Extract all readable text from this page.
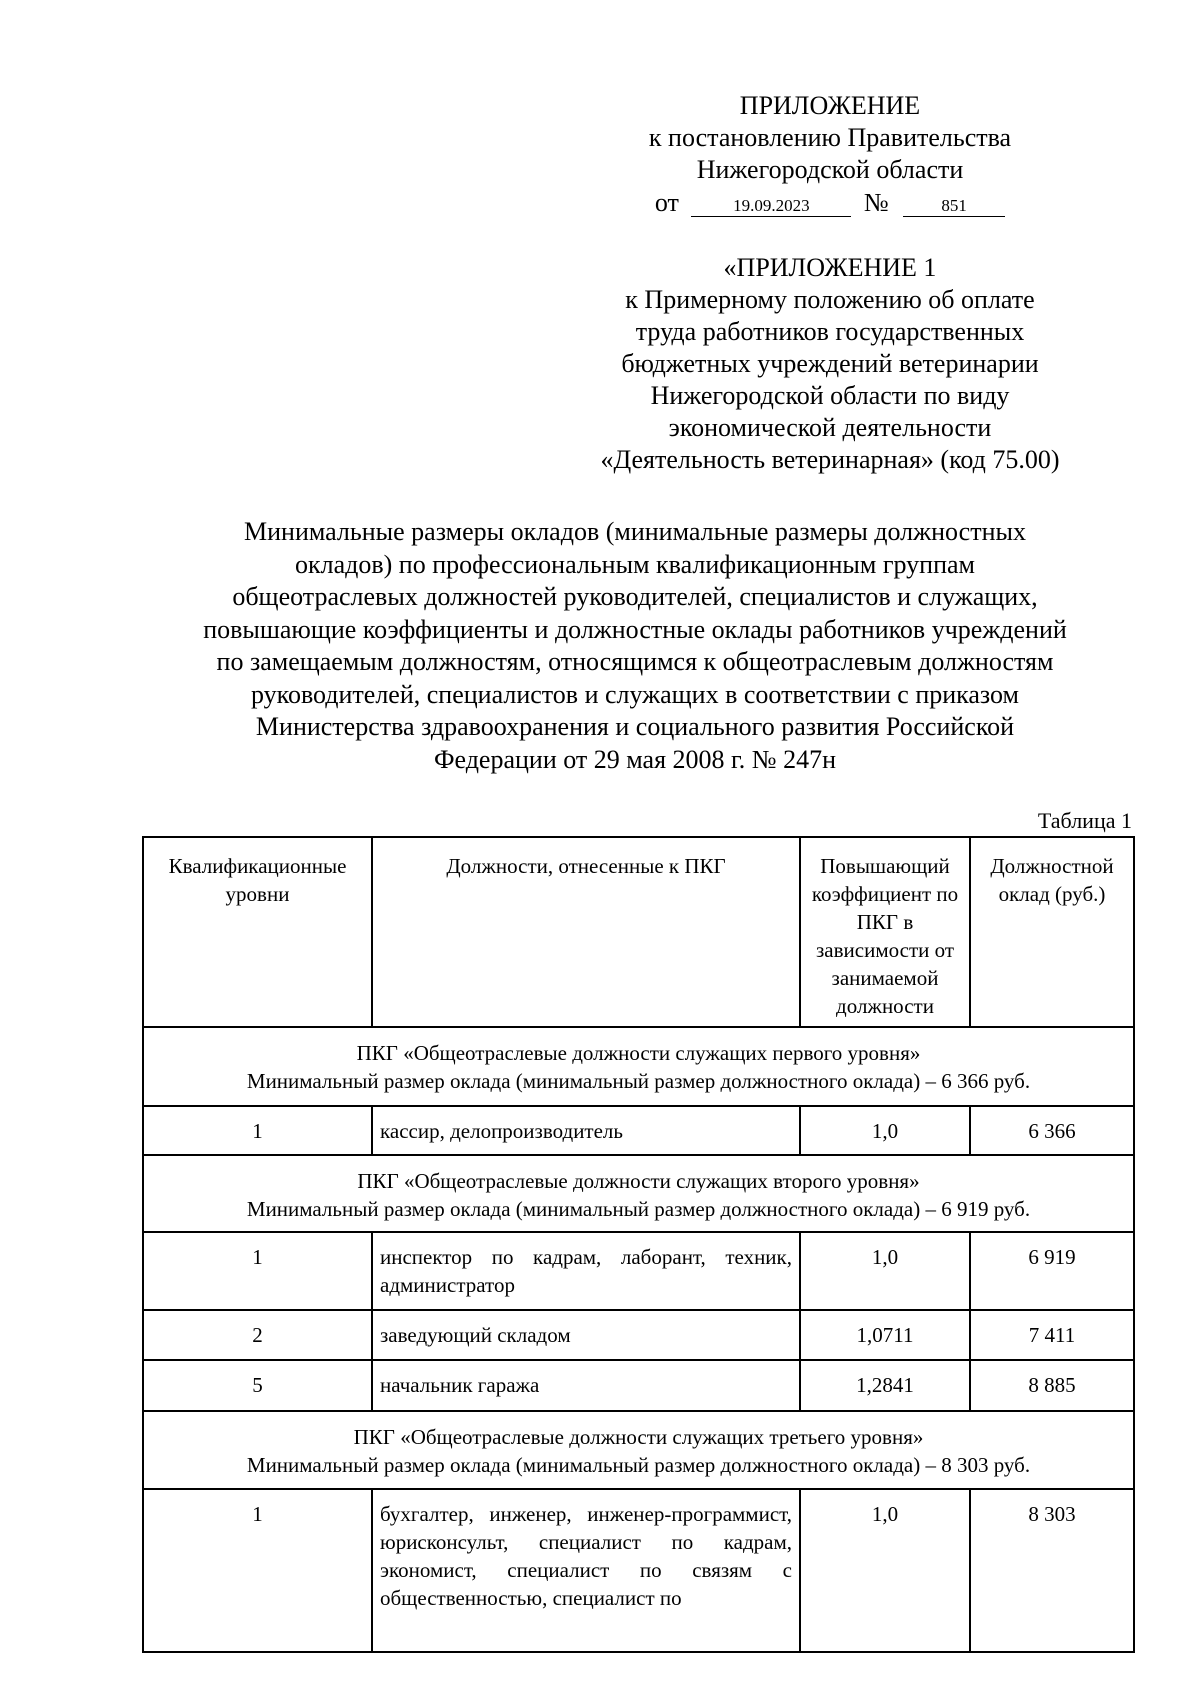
ПРИЛОЖЕНИЕ
к постановлению Правительства
Нижегородской области
от	19.09.2023 №	851
«ПРИЛОЖЕНИЕ 1
к Примерному положению об оплате
труда работников государственных
бюджетных учреждений ветеринарии
Нижегородской области по виду
экономической деятельности
«Деятельность ветеринарная» (код 75.00)
Минимальные размеры окладов (минимальные размеры должностных
окладов) по профессиональным квалификационным группам
общеотраслевых должностей руководителей, специалистов и служащих,
повышающие коэффициенты и должностные оклады работников учреждений
по замещаемым должностям, относящимся к общеотраслевым должностям
руководителей, специалистов и служащих в соответствии с приказом
Министерства здравоохранения и социального развития Российской
Федерации от 29 мая 2008 г. № 247н
Таблица 1
Квалификационные уровни	Должности, отнесенные к ПКГ	Повышающий коэффициент по ПКГ в зависимости от занимаемой должности	Должностной оклад (руб.)

ПКГ «Общеотраслевые должности служащих первого уровня»
Минимальный размер оклада (минимальный размер должностного оклада) – 6 366 руб.			

1	кассир, делопроизводитель	1,0	6 366

ПКГ «Общеотраслевые должности служащих второго уровня»
Минимальный размер оклада (минимальный размер должностного оклада) – 6 919 руб.			

1	инспектор по кадрам, лаборант, техник, администратор	1,0	6 919
2	заведующий складом	1,0711	7 411
5	начальник гаража	1,2841	8 885

ПКГ «Общеотраслевые должности служащих третьего уровня»
Минимальный размер оклада (минимальный размер должностного оклада) – 8 303 руб.			

1	бухгалтер, инженер, инженер-программист, юрисконсульт, специалист по кадрам, экономист, специалист по связям с общественностью, специалист по	1,0	8 303
